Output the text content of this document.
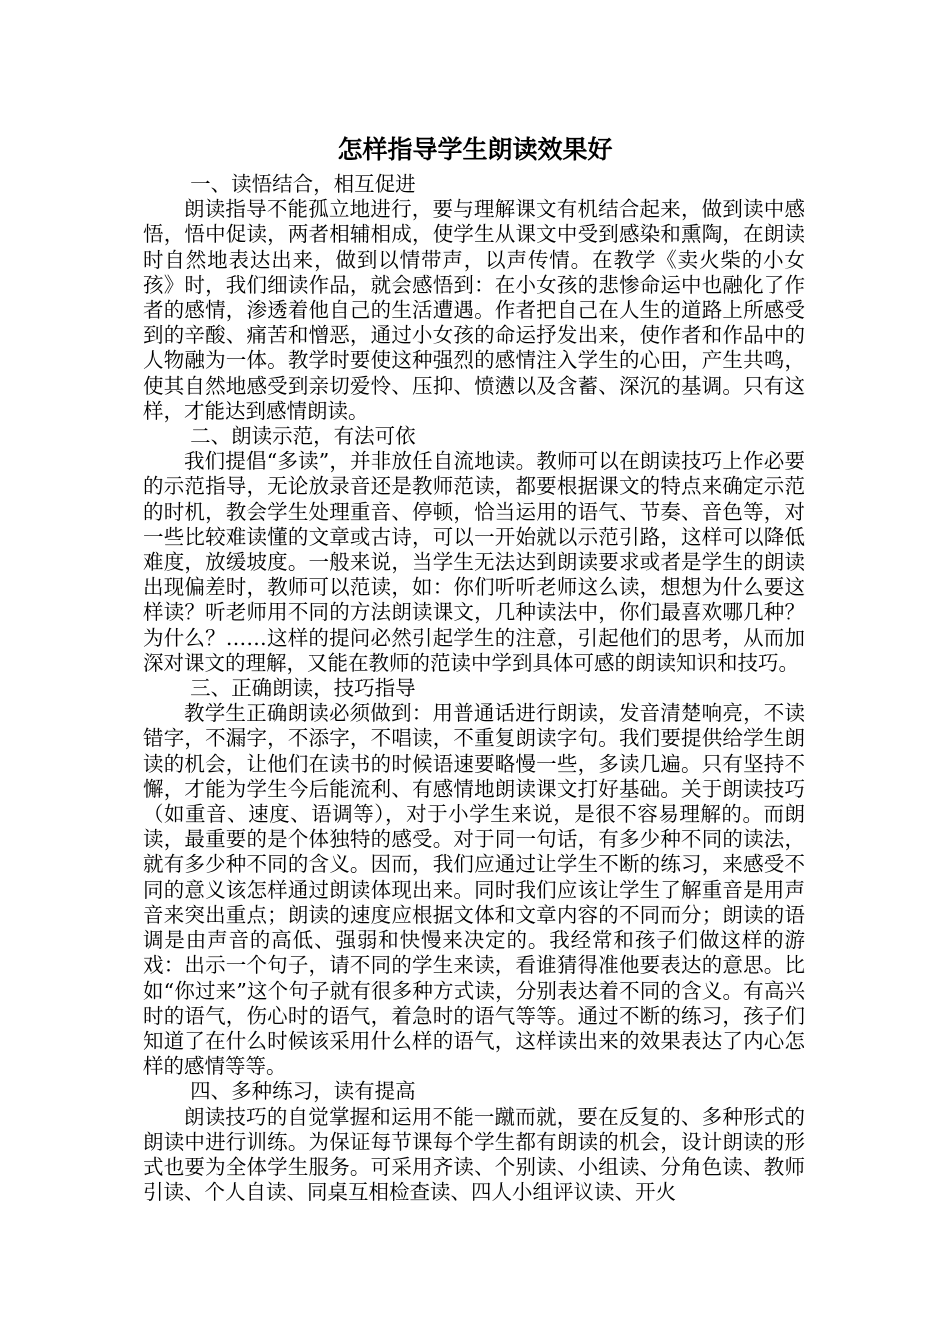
怎样指导学生朗读效果好

一、读悟结合，相互促进

朗读指导不能孤立地进行，要与理解课文有机结合起来，做到读中感悟，悟中促读，两者相辅相成，使学生从课文中受到感染和熏陶，在朗读时自然地表达出来，做到以情带声，以声传情。在教学《卖火柴的小女孩》时，我们细读作品，就会感悟到：在小女孩的悲惨命运中也融化了作者的感情，渗透着他自己的生活遭遇。作者把自己在人生的道路上所感受到的辛酸、痛苦和憎恶，通过小女孩的命运抒发出来，使作者和作品中的人物融为一体。教学时要使这种强烈的感情注入学生的心田，产生共鸣，使其自然地感受到亲切爱怜、压抑、愤懑以及含蓄、深沉的基调。只有这样，才能达到感情朗读。

二、朗读示范，有法可依

我们提倡“多读”，并非放任自流地读。教师可以在朗读技巧上作必要的示范指导，无论放录音还是教师范读，都要根据课文的特点来确定示范的时机，教会学生处理重音、停顿，恰当运用的语气、节奏、音色等，对一些比较难读懂的文章或古诗，可以一开始就以示范引路，这样可以降低难度，放缓坡度。一般来说，当学生无法达到朗读要求或者是学生的朗读出现偏差时，教师可以范读，如：你们听听老师这么读，想想为什么要这样读？听老师用不同的方法朗读课文，几种读法中，你们最喜欢哪几种？为什么？……这样的提问必然引起学生的注意，引起他们的思考，从而加深对课文的理解，又能在教师的范读中学到具体可感的朗读知识和技巧。

三、正确朗读，技巧指导

教学生正确朗读必须做到：用普通话进行朗读，发音清楚响亮，不读错字，不漏字，不添字，不唱读，不重复朗读字句。我们要提供给学生朗读的机会，让他们在读书的时候语速要略慢一些，多读几遍。只有坚持不懈，才能为学生今后能流利、有感情地朗读课文打好基础。关于朗读技巧（如重音、速度、语调等），对于小学生来说，是很不容易理解的。而朗读，最重要的是个体独特的感受。对于同一句话，有多少种不同的读法，就有多少种不同的含义。因而，我们应通过让学生不断的练习，来感受不同的意义该怎样通过朗读体现出来。同时我们应该让学生了解重音是用声音来突出重点；朗读的速度应根据文体和文章内容的不同而分；朗读的语调是由声音的高低、强弱和快慢来决定的。我经常和孩子们做这样的游戏：出示一个句子，请不同的学生来读，看谁猜得准他要表达的意思。比如“你过来”这个句子就有很多种方式读，分别表达着不同的含义。有高兴时的语气，伤心时的语气，着急时的语气等等。通过不断的练习，孩子们知道了在什么时候该采用什么样的语气，这样读出来的效果表达了内心怎样的感情等等。

四、多种练习，读有提高

朗读技巧的自觉掌握和运用不能一蹴而就，要在反复的、多种形式的朗读中进行训练。为保证每节课每个学生都有朗读的机会，设计朗读的形式也要为全体学生服务。可采用齐读、个别读、小组读、分角色读、教师引读、个人自读、同桌互相检查读、四人小组评议读、开火
